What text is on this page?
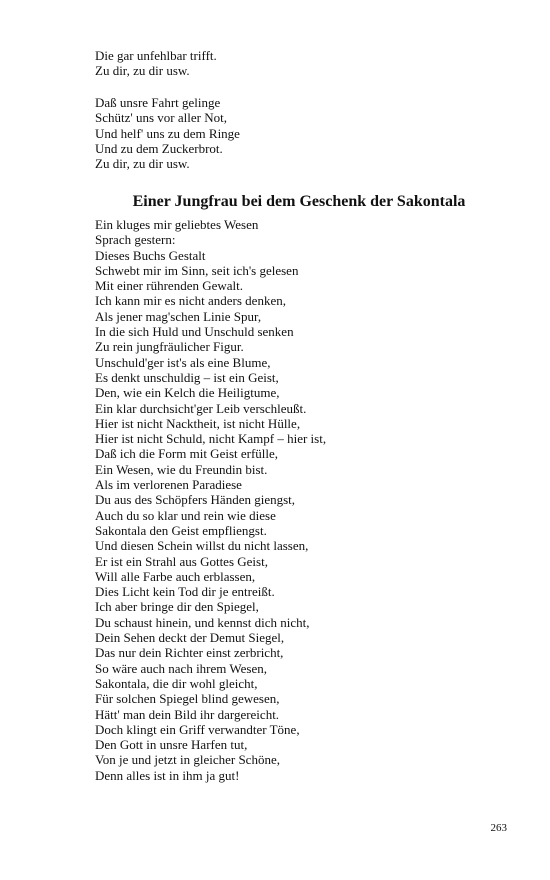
Die gar unfehlbar trifft.

Zu dir, zu dir usw.

Daß unsre Fahrt gelinge

Schütz' uns vor aller Not,

Und helf' uns zu dem Ringe

Und zu dem Zuckerbrot.

Zu dir, zu dir usw.

Einer Jungfrau bei dem Geschenk der Sakontala

Ein kluges mir geliebtes Wesen

Sprach gestern:

Dieses Buchs Gestalt

Schwebt mir im Sinn, seit ich's gelesen

Mit einer rührenden Gewalt.

Ich kann mir es nicht anders denken,

Als jener mag'schen Linie Spur,

In die sich Huld und Unschuld senken

Zu rein jungfräulicher Figur.

Unschuld'ger ist's als eine Blume,

Es denkt unschuldig – ist ein Geist,

Den, wie ein Kelch die Heiligtume,

Ein klar durchsicht'ger Leib verschleußt.

Hier ist nicht Nacktheit, ist nicht Hülle,

Hier ist nicht Schuld, nicht Kampf – hier ist,

Daß ich die Form mit Geist erfülle,

Ein Wesen, wie du Freundin bist.

Als im verlorenen Paradiese

Du aus des Schöpfers Händen giengst,

Auch du so klar und rein wie diese

Sakontala den Geist empfliengst.

Und diesen Schein willst du nicht lassen,

Er ist ein Strahl aus Gottes Geist,

Will alle Farbe auch erblassen,

Dies Licht kein Tod dir je entreißt.

Ich aber bringe dir den Spiegel,

Du schaust hinein, und kennst dich nicht,

Dein Sehen deckt der Demut Siegel,

Das nur dein Richter einst zerbricht,

So wäre auch nach ihrem Wesen,

Sakontala, die dir wohl gleicht,

Für solchen Spiegel blind gewesen,

Hätt' man dein Bild ihr dargereicht.

Doch klingt ein Griff verwandter Töne,

Den Gott in unsre Harfen tut,

Von je und jetzt in gleicher Schöne,

Denn alles ist in ihm ja gut!

263
